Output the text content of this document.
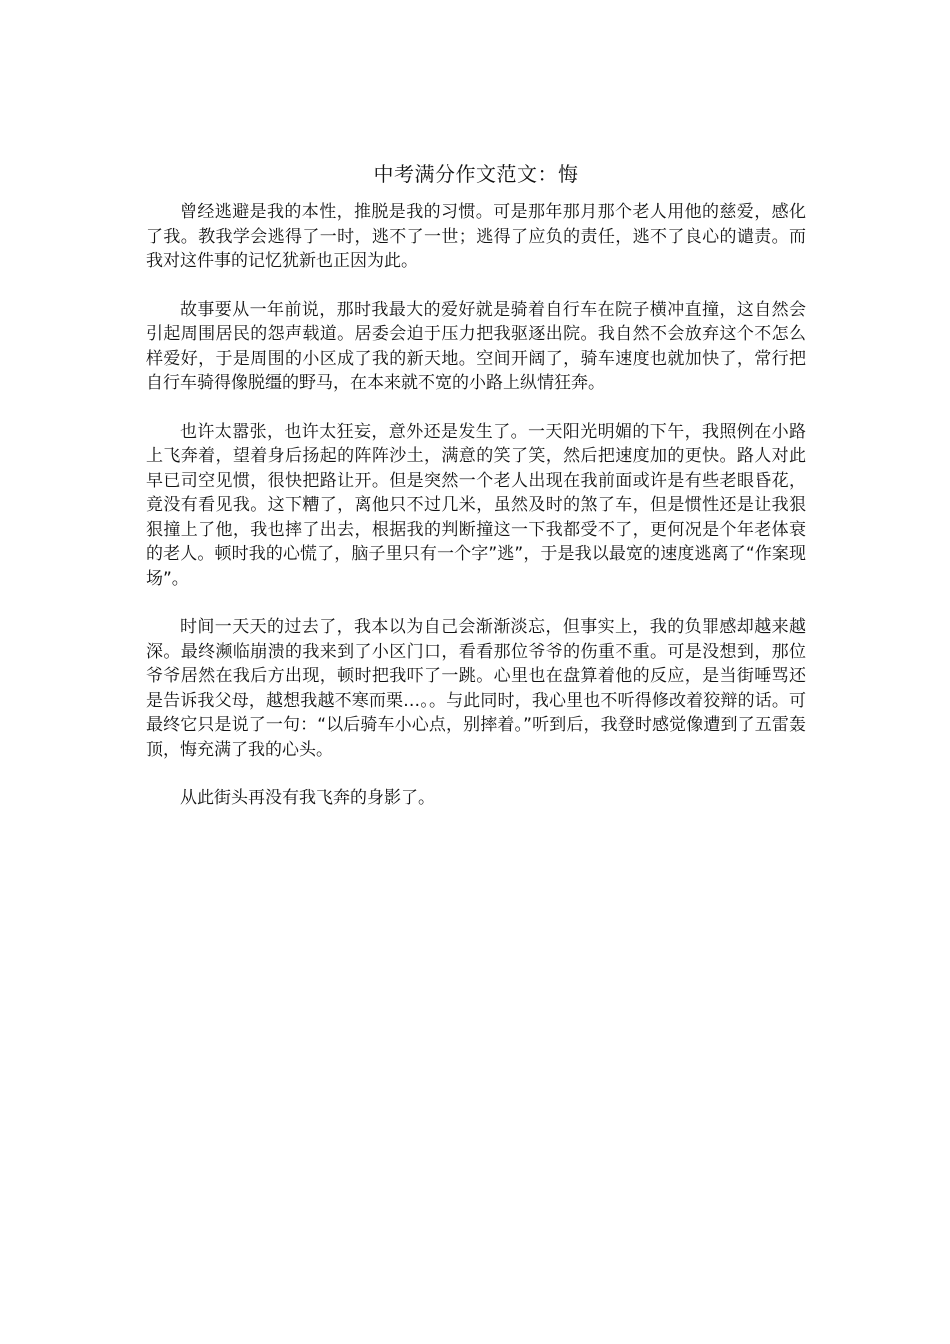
中考满分作文范文：悔

曾经逃避是我的本性，推脱是我的习惯。可是那年那月那个老人用他的慈爱，感化了我。教我学会逃得了一时，逃不了一世；逃得了应负的责任，逃不了良心的谴责。而我对这件事的记忆犹新也正因为此。

故事要从一年前说，那时我最大的爱好就是骑着自行车在院子横冲直撞，这自然会引起周围居民的怨声载道。居委会迫于压力把我驱逐出院。我自然不会放弃这个不怎么样爱好，于是周围的小区成了我的新天地。空间开阔了，骑车速度也就加快了，常行把自行车骑得像脱缰的野马，在本来就不宽的小路上纵情狂奔。

也许太嚣张，也许太狂妄，意外还是发生了。一天阳光明媚的下午，我照例在小路上飞奔着，望着身后扬起的阵阵沙土，满意的笑了笑，然后把速度加的更快。路人对此早已司空见惯，很快把路让开。但是突然一个老人出现在我前面或许是有些老眼昏花，竟没有看见我。这下糟了，离他只不过几米，虽然及时的煞了车，但是惯性还是让我狠狠撞上了他，我也摔了出去，根据我的判断撞这一下我都受不了，更何况是个年老体衰的老人。顿时我的心慌了，脑子里只有一个字”逃”，于是我以最宽的速度逃离了“作案现场”。

时间一天天的过去了，我本以为自己会渐渐淡忘，但事实上，我的负罪感却越来越深。最终濒临崩溃的我来到了小区门口，看看那位爷爷的伤重不重。可是没想到，那位爷爷居然在我后方出现，顿时把我吓了一跳。心里也在盘算着他的反应，是当街唾骂还是告诉我父母，越想我越不寒而栗…。。与此同时，我心里也不听得修改着狡辩的话。可最终它只是说了一句：“以后骑车小心点，别摔着。”听到后，我登时感觉像遭到了五雷轰顶，悔充满了我的心头。

从此街头再没有我飞奔的身影了。
